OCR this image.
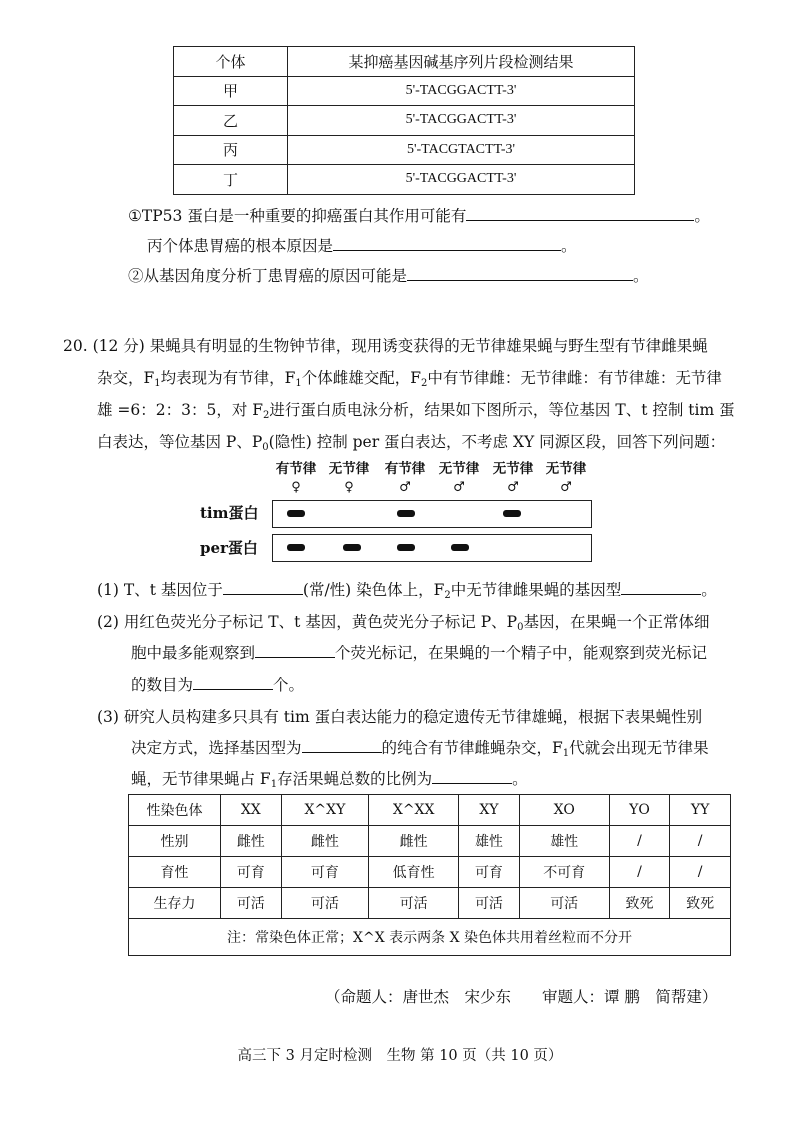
个体	某抑癌基因碱基序列片段检测结果
甲	5'-TACGGACTT-3'
乙	5'-TACGGACTT-3'
丙	5'-TACGTACTT-3'
丁	5'-TACGGACTT-3'
①TP53 蛋白是一种重要的抑癌蛋白其作用可能有	。
丙个体患胃癌的根本原因是	。
②从基因角度分析丁患胃癌的原因可能是	。
20. (12 分) 果蝇具有明显的生物钟节律，现用诱变获得的无节律雄果蝇与野生型有节律雌果蝇
杂交，$F_1$均表现为有节律，$F_1$个体雌雄交配，$F_2$中有节律雌：无节律雌：有节律雄：无节律
雄 =6：2：3：5，对 $F_2$进行蛋白质电泳分析，结果如下图所示，等位基因 T、t 控制 tim 蛋
白表达，等位基因 P、$P_0$(隐性) 控制 per 蛋白表达，不考虑 XY 同源区段，回答下列问题：
有节律
♀
无节律
♀
有节律
♂
无节律
♂
无节律
♂
无节律
♂
tim蛋白
per蛋白
(1) T、t 基因位于	(常/性) 染色体上，$F_2$中无节律雌果蝇的基因型	。
(2) 用红色荧光分子标记 T、t 基因，黄色荧光分子标记 P、$P_0$基因，在果蝇一个正常体细
胞中最多能观察到	个荧光标记，在果蝇的一个精子中，能观察到荧光标记
的数目为	个。
(3) 研究人员构建多只具有 tim 蛋白表达能力的稳定遗传无节律雄蝇，根据下表果蝇性别
决定方式，选择基因型为	的纯合有节律雌蝇杂交，$F_1$代就会出现无节律果
蝇，无节律果蝇占 $F_1$存活果蝇总数的比例为	。
性染色体	XX	X^XY	X^XX	XY	XO	YO	YY
性别	雌性	雌性	雌性	雄性	雄性	/	/
育性	可育	可育	低育性	可育	不可育	/	/
生存力	可活	可活	可活	可活	可活	致死	致死
注：常染色体正常；X^X 表示两条 X 染色体共用着丝粒而不分开							
（命题人：唐世杰　宋少东　　审题人：谭 鹏　简帮建）
高三下 3 月定时检测　生物 第 10 页（共 10 页）
